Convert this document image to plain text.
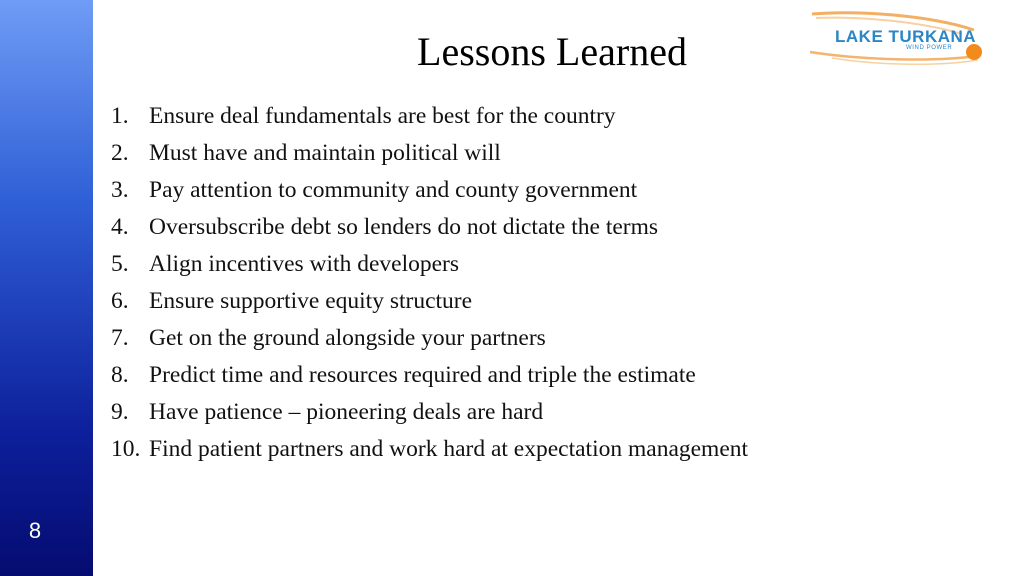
8
Lessons Learned	LAKE TURKANA
WIND POWER
1. Ensure deal fundamentals are best for the country
2. Must have and maintain political will
3. Pay attention to community and county government
4. Oversubscribe debt so lenders do not dictate the terms
5. Align incentives with developers
6. Ensure supportive equity structure
7. Get on the ground alongside your partners
8. Predict time and resources required and triple the estimate
9. Have patience – pioneering deals are hard
10. Find patient partners and work hard at expectation management
